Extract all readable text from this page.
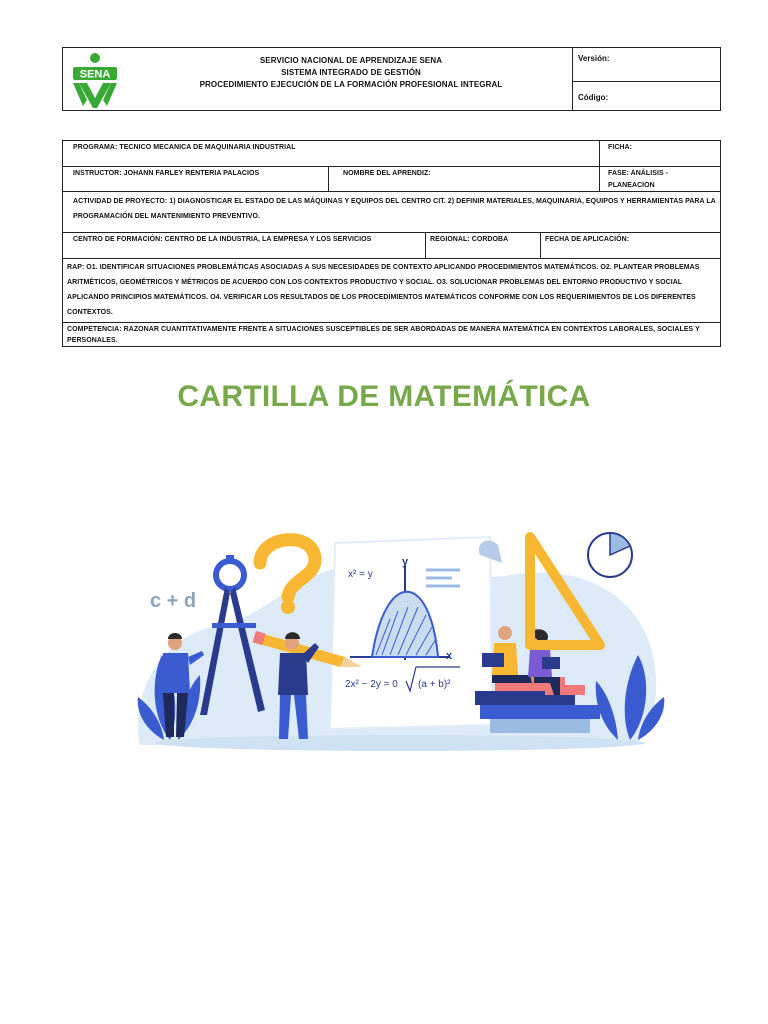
SENA
SERVICIO NACIONAL DE APRENDIZAJE SENA
SISTEMA INTEGRADO DE GESTIÓN
PROCEDIMIENTO EJECUCIÓN DE LA FORMACIÓN PROFESIONAL INTEGRAL
Versión:
Código:
PROGRAMA: TECNICO MECANICA DE MAQUINARIA INDUSTRIAL	FICHA:
INSTRUCTOR: JOHANN FARLEY RENTERIA PALACIOS	NOMBRE DEL APRENDIZ:	FASE: ANÁLISIS - PLANEACION
ACTIVIDAD DE PROYECTO: 1) DIAGNOSTICAR EL ESTADO DE LAS MÁQUINAS Y EQUIPOS DEL CENTRO CIT. 2) DEFINIR MATERIALES, MAQUINARIA, EQUIPOS Y HERRAMIENTAS PARA LA PROGRAMACIÓN DEL MANTENIMIENTO PREVENTIVO.
CENTRO DE FORMACIÓN: CENTRO DE LA INDUSTRIA, LA EMPRESA Y LOS SERVICIOS	REGIONAL: CORDOBA	FECHA DE APLICACIÓN:
RAP: O1. IDENTIFICAR SITUACIONES PROBLEMÁTICAS ASOCIADAS A SUS NECESIDADES DE CONTEXTO APLICANDO PROCEDIMIENTOS MATEMÁTICOS. O2. PLANTEAR PROBLEMAS ARITMÉTICOS, GEOMÉTRICOS Y MÉTRICOS DE ACUERDO CON LOS CONTEXTOS PRODUCTIVO Y SOCIAL. O3. SOLUCIONAR PROBLEMAS DEL ENTORNO PRODUCTIVO Y SOCIAL APLICANDO PRINCIPIOS MATEMÁTICOS. O4. VERIFICAR LOS RESULTADOS DE LOS PROCEDIMIENTOS MATEMÁTICOS CONFORME CON LOS REQUERIMIENTOS DE LOS DIFERENTES CONTEXTOS.
COMPETENCIA: RAZONAR CUANTITATIVAMENTE FRENTE A SITUACIONES SUSCEPTIBLES DE SER ABORDADAS DE MANERA MATEMÁTICA EN CONTEXTOS LABORALES, SOCIALES Y PERSONALES.
CARTILLA DE MATEMÁTICA
c + d
x² = y
y
x
2x² − 2y = 0 (a + b)²
